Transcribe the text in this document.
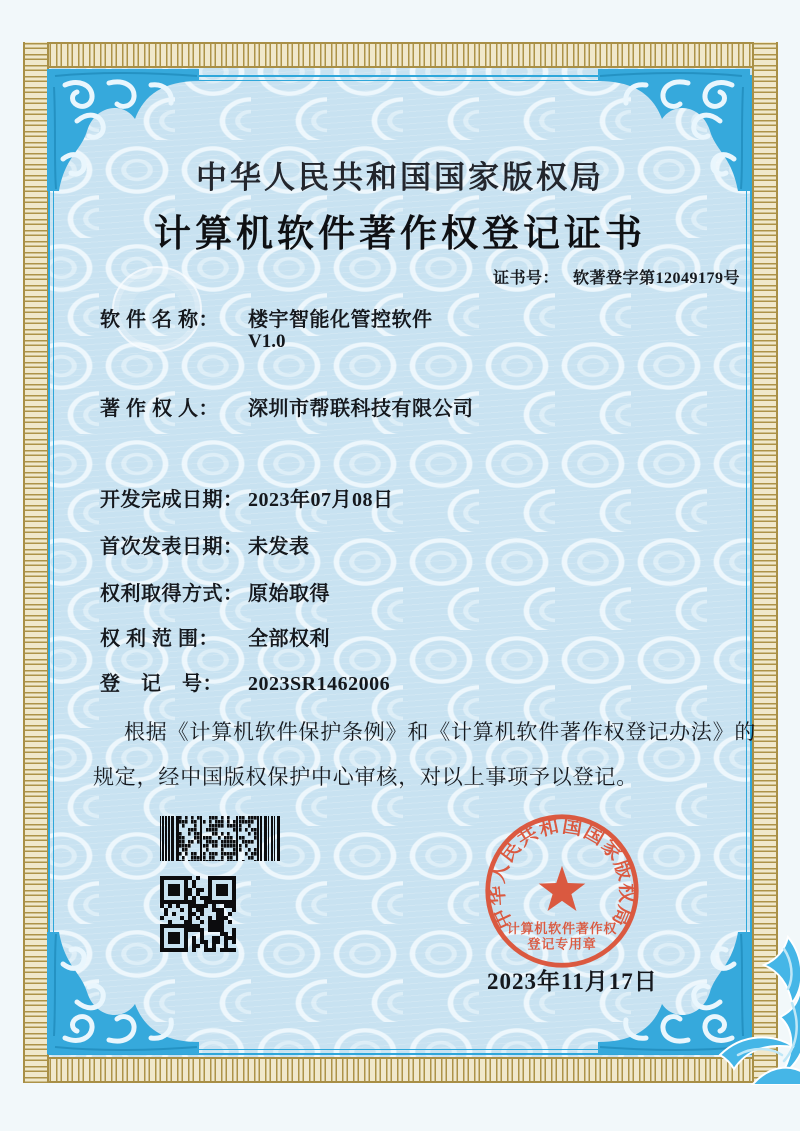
中华人民共和国国家版权局
计算机软件著作权登记证书
证书号： 软著登字第12049179号
软 件 名 称： 楼宇智能化管控软件
V1.0
著 作 权 人： 深圳市帮联科技有限公司
开发完成日期： 2023年07月08日
首次发表日期： 未发表
权利取得方式： 原始取得
权 利 范 围： 全部权利
登　记　号： 2023SR1462006
根据《计算机软件保护条例》和《计算机软件著作权登记办法》的
规定，经中国版权保护中心审核，对以上事项予以登记。
中华人民共和国国家版权局
计算机软件著作权
登记专用章
2023年11月17日
